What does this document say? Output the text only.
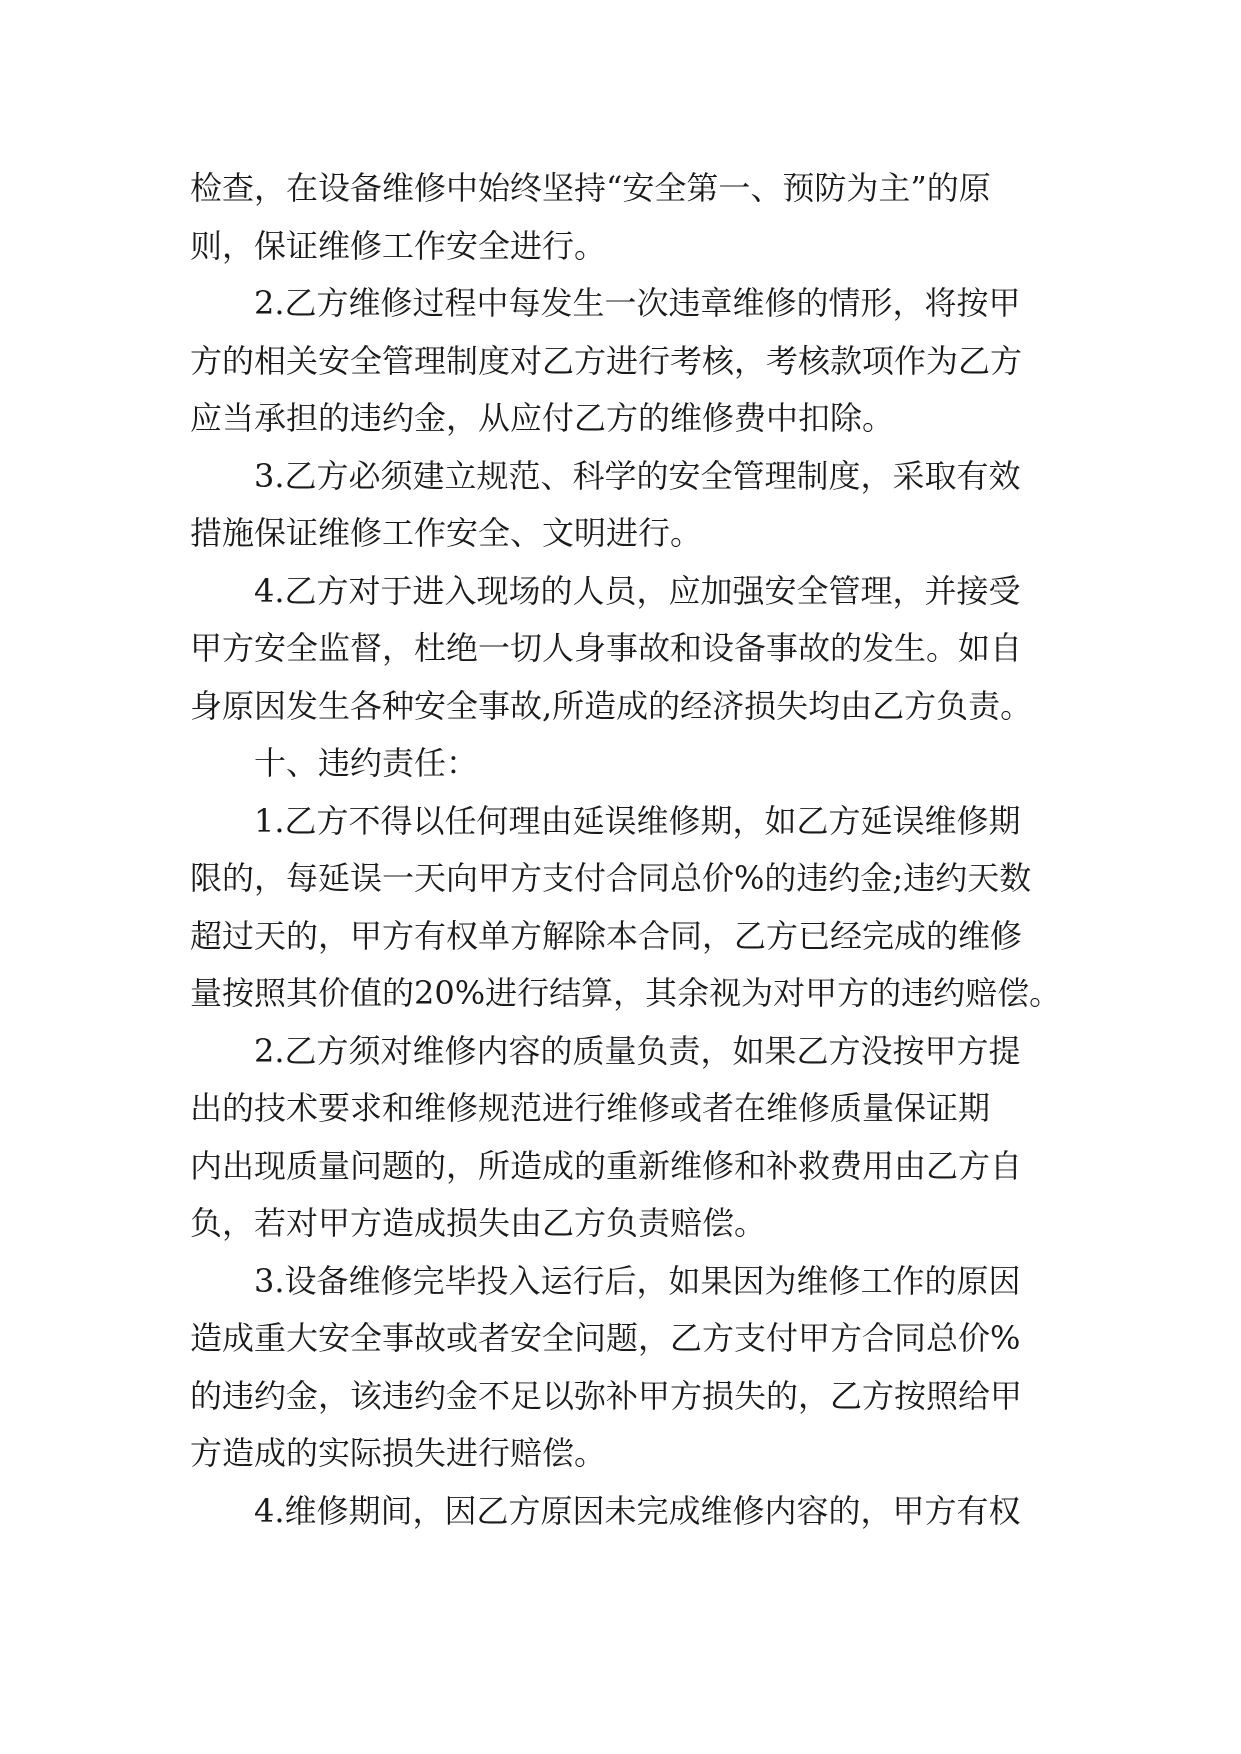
检查，在设备维修中始终坚持“安全第一、预防为主”的原
则，保证维修工作安全进行。
2.乙方维修过程中每发生一次违章维修的情形，将按甲
方的相关安全管理制度对乙方进行考核，考核款项作为乙方
应当承担的违约金，从应付乙方的维修费中扣除。
3.乙方必须建立规范、科学的安全管理制度，采取有效
措施保证维修工作安全、文明进行。
4.乙方对于进入现场的人员，应加强安全管理，并接受
甲方安全监督，杜绝一切人身事故和设备事故的发生。如自
身原因发生各种安全事故,所造成的经济损失均由乙方负责。
十、违约责任：
1.乙方不得以任何理由延误维修期，如乙方延误维修期
限的，每延误一天向甲方支付合同总价%的违约金;违约天数
超过天的，甲方有权单方解除本合同，乙方已经完成的维修
量按照其价值的20%进行结算，其余视为对甲方的违约赔偿。
2.乙方须对维修内容的质量负责，如果乙方没按甲方提
出的技术要求和维修规范进行维修或者在维修质量保证期
内出现质量问题的，所造成的重新维修和补救费用由乙方自
负，若对甲方造成损失由乙方负责赔偿。
3.设备维修完毕投入运行后，如果因为维修工作的原因
造成重大安全事故或者安全问题，乙方支付甲方合同总价%
的违约金，该违约金不足以弥补甲方损失的，乙方按照给甲
方造成的实际损失进行赔偿。
4.维修期间，因乙方原因未完成维修内容的，甲方有权
